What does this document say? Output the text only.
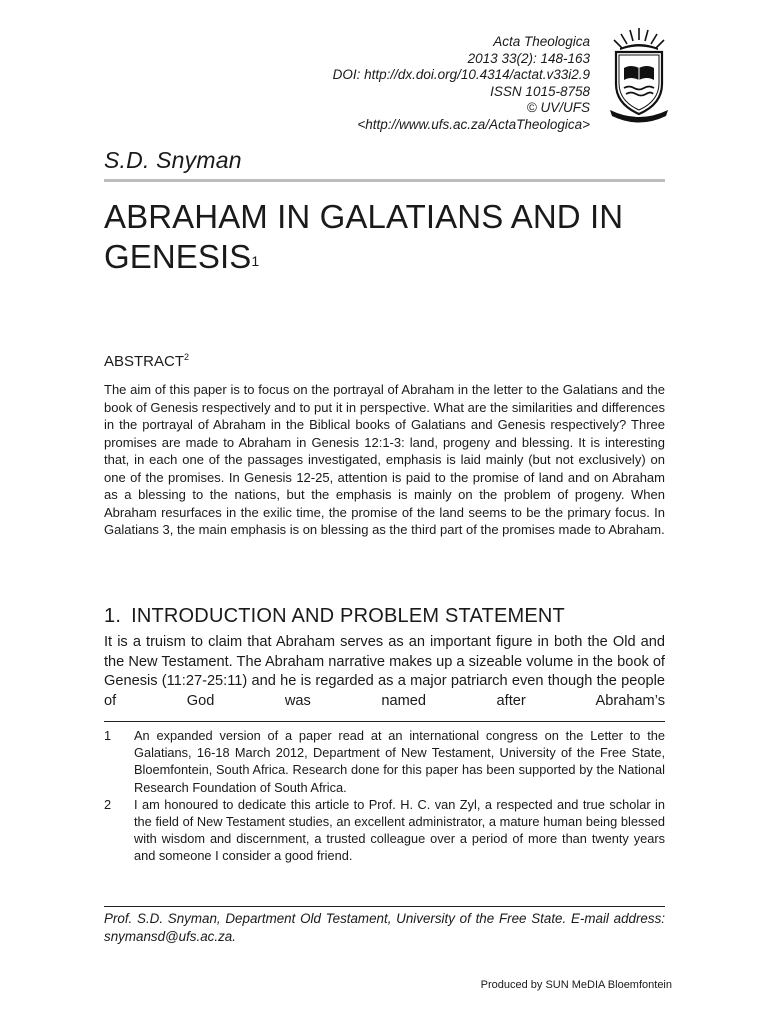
Acta Theologica
2013 33(2): 148-163
DOI: http://dx.doi.org/10.4314/actat.v33i2.9
ISSN 1015-8758
© UV/UFS
<http://www.ufs.ac.za/ActaTheologica>
S.D. Snyman
ABRAHAM IN GALATIANS AND IN
GENESIS$^1$
ABSTRACT$^2$
The aim of this paper is to focus on the portrayal of Abraham in the letter to the Galatians and the book of Genesis respectively and to put it in perspective. What are the similarities and differences in the portrayal of Abraham in the Biblical books of Galatians and Genesis respectively? Three promises are made to Abraham in Genesis 12:1-3: land, progeny and blessing. It is interesting that, in each one of the passages investigated, emphasis is laid mainly (but not exclusively) on one of the promises. In Genesis 12-25, attention is paid to the promise of land and on Abraham as a blessing to the nations, but the emphasis is mainly on the problem of progeny. When Abraham resurfaces in the exilic time, the promise of the land seems to be the primary focus. In Galatians 3, the main emphasis is on blessing as the third part of the promises made to Abraham.
1. INTRODUCTION AND PROBLEM STATEMENT
It is a truism to claim that Abraham serves as an important figure in both the Old and the New Testament. The Abraham narrative makes up a sizeable volume in the book of Genesis (11:27-25:11) and he is regarded as a major patriarch even though the people of God was named after Abraham’s
1	An expanded version of a paper read at an international congress on the Letter to the Galatians, 16-18 March 2012, Department of New Testament, University of the Free State, Bloemfontein, South Africa. Research done for this paper has been supported by the National Research Foundation of South Africa.
2	I am honoured to dedicate this article to Prof. H. C. van Zyl, a respected and true scholar in the field of New Testament studies, an excellent administrator, a mature human being blessed with wisdom and discernment, a trusted colleague over a period of more than twenty years and someone I consider a good friend.
Prof. S.D. Snyman, Department Old Testament, University of the Free State. E-mail address: snymansd@ufs.ac.za.
Produced by SUN MeDIA Bloemfontein
